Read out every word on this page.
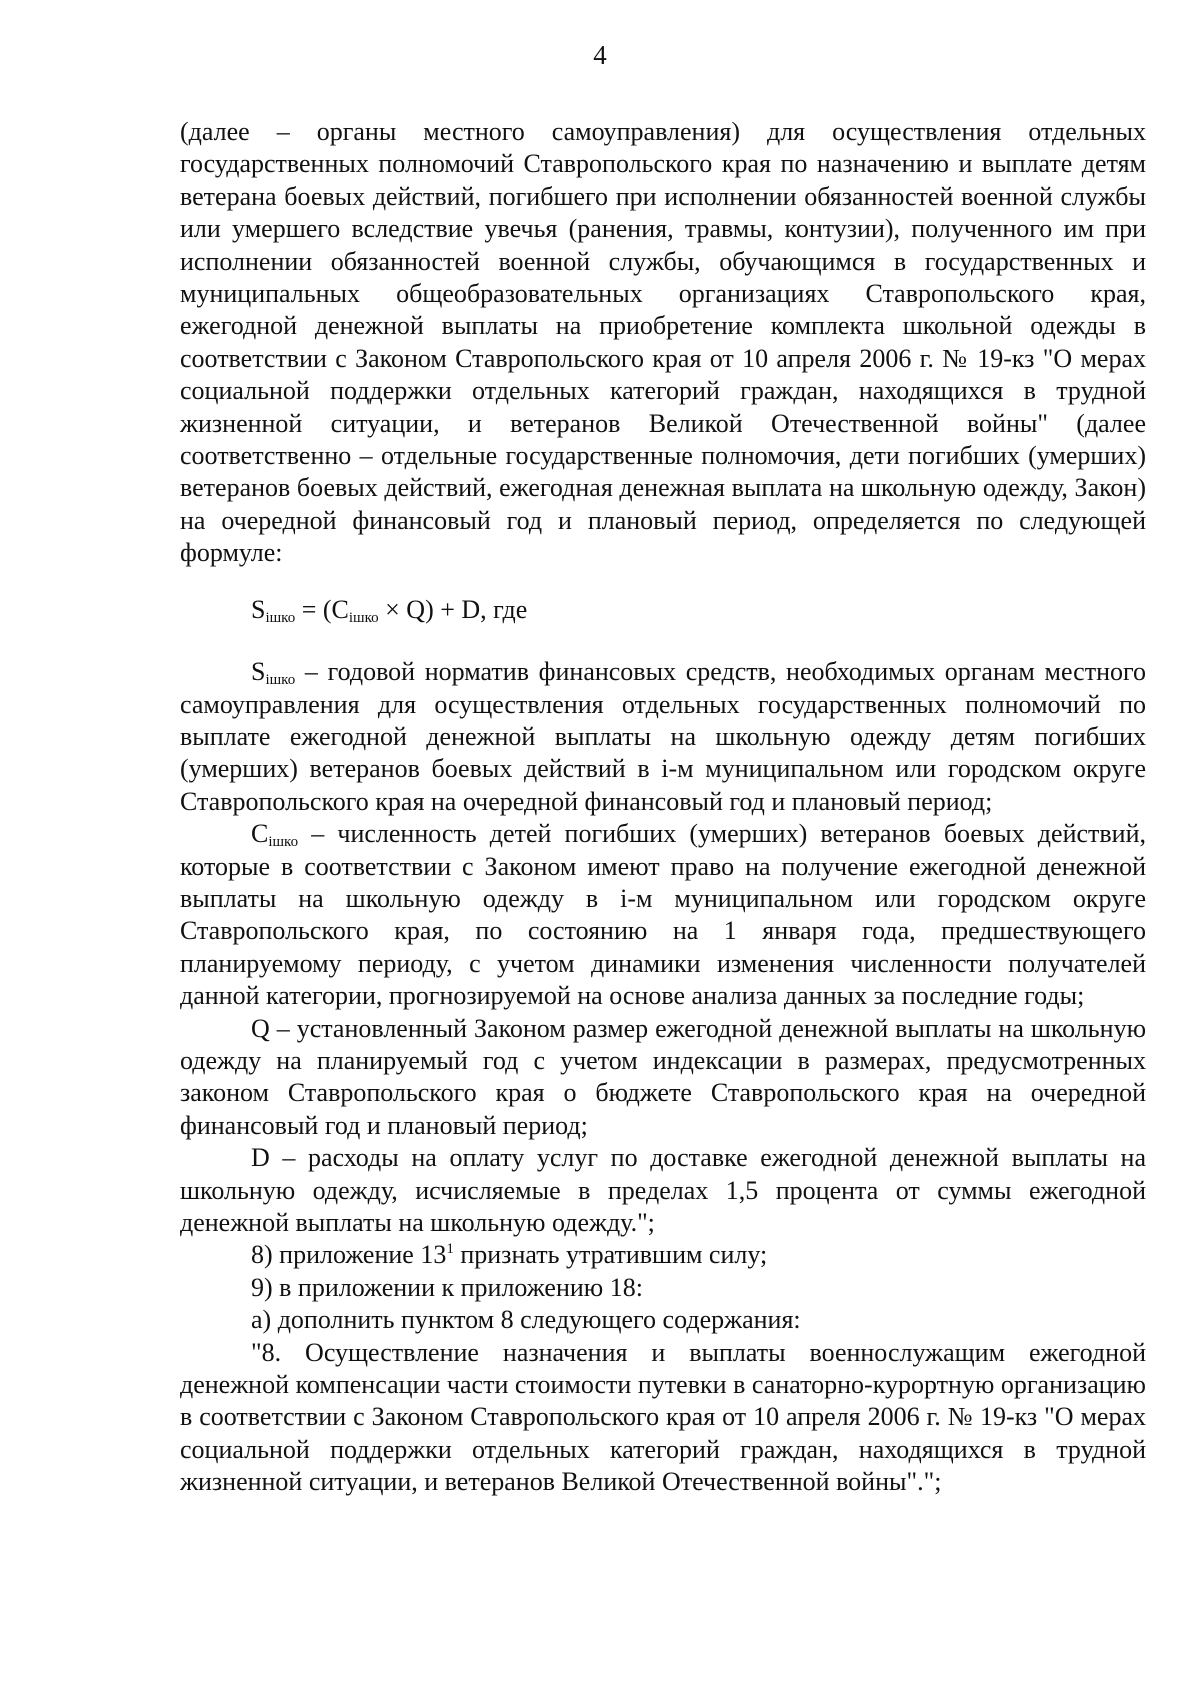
4

(далее – органы местного самоуправления) для осуществления отдельных государственных полномочий Ставропольского края по назначению и выплате детям ветерана боевых действий, погибшего при исполнении обязанностей военной службы или умершего вследствие увечья (ранения, травмы, контузии), полученного им при исполнении обязанностей военной службы, обучающимся в государственных и муниципальных общеобразовательных организациях Ставропольского края, ежегодной денежной выплаты на приобретение комплекта школьной одежды в соответствии с Законом Ставропольского края от 10 апреля 2006 г. № 19-кз "О мерах социальной поддержки отдельных категорий граждан, находящихся в трудной жизненной ситуации, и ветеранов Великой Отечественной войны" (далее соответственно – отдельные государственные полномочия, дети погибших (умерших) ветеранов боевых действий, ежегодная денежная выплата на школьную одежду, Закон) на очередной финансовый год и плановый период, определяется по следующей формуле:

$S_{iшко} = (C_{iшко} \times Q) + D$, где

$S_{iшко}$ – годовой норматив финансовых средств, необходимых органам местного самоуправления для осуществления отдельных государственных полномочий по выплате ежегодной денежной выплаты на школьную одежду детям погибших (умерших) ветеранов боевых действий в i-м муниципальном или городском округе Ставропольского края на очередной финансовый год и плановый период;

$C_{iшко}$ – численность детей погибших (умерших) ветеранов боевых действий, которые в соответствии с Законом имеют право на получение ежегодной денежной выплаты на школьную одежду в i-м муниципальном или городском округе Ставропольского края, по состоянию на 1 января года, предшествующего планируемому периоду, с учетом динамики изменения численности получателей данной категории, прогнозируемой на основе анализа данных за последние годы;

Q – установленный Законом размер ежегодной денежной выплаты на школьную одежду на планируемый год с учетом индексации в размерах, предусмотренных законом Ставропольского края о бюджете Ставропольского края на очередной финансовый год и плановый период;

D – расходы на оплату услуг по доставке ежегодной денежной выплаты на школьную одежду, исчисляемые в пределах 1,5 процента от суммы ежегодной денежной выплаты на школьную одежду.";

8) приложение $13^1$ признать утратившим силу;

9) в приложении к приложению 18:

а) дополнить пунктом 8 следующего содержания:

"8. Осуществление назначения и выплаты военнослужащим ежегодной денежной компенсации части стоимости путевки в санаторно-курортную организацию в соответствии с Законом Ставропольского края от 10 апреля 2006 г. № 19-кз "О мерах социальной поддержки отдельных категорий граждан, находящихся в трудной жизненной ситуации, и ветеранов Великой Отечественной войны".";
